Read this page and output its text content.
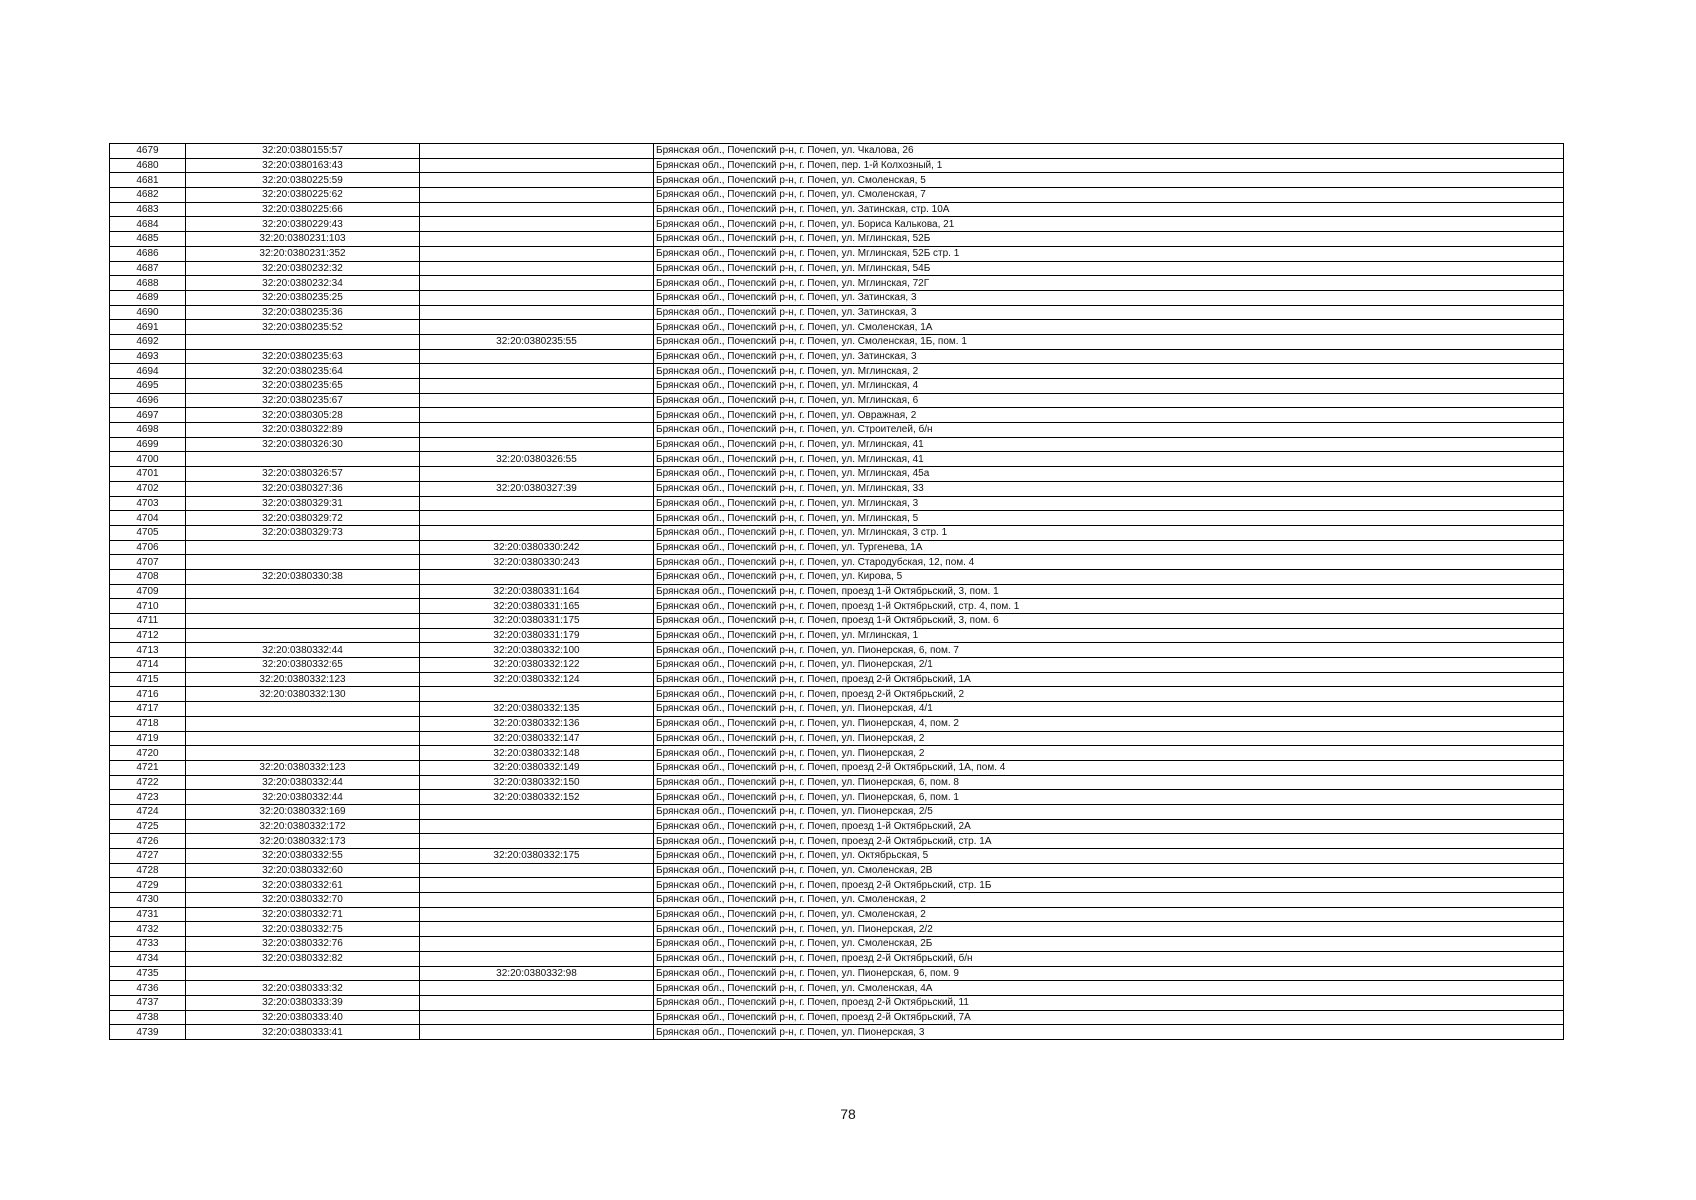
4679	32:20:0380155:57		Брянская обл., Почепский р-н, г. Почеп, ул. Чкалова, 26
4680	32:20:0380163:43		Брянская обл., Почепский р-н, г. Почеп, пер. 1-й Колхозный, 1
4681	32:20:0380225:59		Брянская обл., Почепский р-н, г. Почеп, ул. Смоленская, 5
4682	32:20:0380225:62		Брянская обл., Почепский р-н, г. Почеп, ул. Смоленская, 7
4683	32:20:0380225:66		Брянская обл., Почепский р-н, г. Почеп, ул. Затинская, стр. 10А
4684	32:20:0380229:43		Брянская обл., Почепский р-н, г. Почеп, ул. Бориса Калькова, 21
4685	32:20:0380231:103		Брянская обл., Почепский р-н, г. Почеп, ул. Мглинская, 52Б
4686	32:20:0380231:352		Брянская обл., Почепский р-н, г. Почеп, ул. Мглинская, 52Б стр. 1
4687	32:20:0380232:32		Брянская обл., Почепский р-н, г. Почеп, ул. Мглинская, 54Б
4688	32:20:0380232:34		Брянская обл., Почепский р-н, г. Почеп, ул. Мглинская, 72Г
4689	32:20:0380235:25		Брянская обл., Почепский р-н, г. Почеп, ул. Затинская, 3
4690	32:20:0380235:36		Брянская обл., Почепский р-н, г. Почеп, ул. Затинская, 3
4691	32:20:0380235:52		Брянская обл., Почепский р-н, г. Почеп, ул. Смоленская, 1А
4692		32:20:0380235:55	Брянская обл., Почепский р-н, г. Почеп, ул. Смоленская, 1Б, пом. 1
4693	32:20:0380235:63		Брянская обл., Почепский р-н, г. Почеп, ул. Затинская, 3
4694	32:20:0380235:64		Брянская обл., Почепский р-н, г. Почеп, ул. Мглинская, 2
4695	32:20:0380235:65		Брянская обл., Почепский р-н, г. Почеп, ул. Мглинская, 4
4696	32:20:0380235:67		Брянская обл., Почепский р-н, г. Почеп, ул. Мглинская, 6
4697	32:20:0380305:28		Брянская обл., Почепский р-н, г. Почеп, ул. Овражная, 2
4698	32:20:0380322:89		Брянская обл., Почепский р-н, г. Почеп, ул. Строителей, б/н
4699	32:20:0380326:30		Брянская обл., Почепский р-н, г. Почеп, ул. Мглинская, 41
4700		32:20:0380326:55	Брянская обл., Почепский р-н, г. Почеп, ул. Мглинская, 41
4701	32:20:0380326:57		Брянская обл., Почепский р-н, г. Почеп, ул. Мглинская, 45а
4702	32:20:0380327:36	32:20:0380327:39	Брянская обл., Почепский р-н, г. Почеп, ул. Мглинская, 33
4703	32:20:0380329:31		Брянская обл., Почепский р-н, г. Почеп, ул. Мглинская, 3
4704	32:20:0380329:72		Брянская обл., Почепский р-н, г. Почеп, ул. Мглинская, 5
4705	32:20:0380329:73		Брянская обл., Почепский р-н, г. Почеп, ул. Мглинская, 3 стр. 1
4706		32:20:0380330:242	Брянская обл., Почепский р-н, г. Почеп, ул. Тургенева, 1А
4707		32:20:0380330:243	Брянская обл., Почепский р-н, г. Почеп, ул. Стародубская, 12, пом. 4
4708	32:20:0380330:38		Брянская обл., Почепский р-н, г. Почеп, ул. Кирова, 5
4709		32:20:0380331:164	Брянская обл., Почепский р-н, г. Почеп, проезд 1-й Октябрьский, 3, пом. 1
4710		32:20:0380331:165	Брянская обл., Почепский р-н, г. Почеп, проезд 1-й Октябрьский, стр. 4, пом. 1
4711		32:20:0380331:175	Брянская обл., Почепский р-н, г. Почеп, проезд 1-й Октябрьский, 3, пом. 6
4712		32:20:0380331:179	Брянская обл., Почепский р-н, г. Почеп, ул. Мглинская, 1
4713	32:20:0380332:44	32:20:0380332:100	Брянская обл., Почепский р-н, г. Почеп, ул. Пионерская, 6, пом. 7
4714	32:20:0380332:65	32:20:0380332:122	Брянская обл., Почепский р-н, г. Почеп, ул. Пионерская, 2/1
4715	32:20:0380332:123	32:20:0380332:124	Брянская обл., Почепский р-н, г. Почеп, проезд 2-й Октябрьский, 1А
4716	32:20:0380332:130		Брянская обл., Почепский р-н, г. Почеп, проезд 2-й Октябрьский, 2
4717		32:20:0380332:135	Брянская обл., Почепский р-н, г. Почеп, ул. Пионерская, 4/1
4718		32:20:0380332:136	Брянская обл., Почепский р-н, г. Почеп, ул. Пионерская, 4, пом. 2
4719		32:20:0380332:147	Брянская обл., Почепский р-н, г. Почеп, ул. Пионерская, 2
4720		32:20:0380332:148	Брянская обл., Почепский р-н, г. Почеп, ул. Пионерская, 2
4721	32:20:0380332:123	32:20:0380332:149	Брянская обл., Почепский р-н, г. Почеп, проезд 2-й Октябрьский, 1А, пом. 4
4722	32:20:0380332:44	32:20:0380332:150	Брянская обл., Почепский р-н, г. Почеп, ул. Пионерская, 6, пом. 8
4723	32:20:0380332:44	32:20:0380332:152	Брянская обл., Почепский р-н, г. Почеп, ул. Пионерская, 6, пом. 1
4724	32:20:0380332:169		Брянская обл., Почепский р-н, г. Почеп, ул. Пионерская, 2/5
4725	32:20:0380332:172		Брянская обл., Почепский р-н, г. Почеп, проезд 1-й Октябрьский, 2А
4726	32:20:0380332:173		Брянская обл., Почепский р-н, г. Почеп, проезд 2-й Октябрьский, стр. 1А
4727	32:20:0380332:55	32:20:0380332:175	Брянская обл., Почепский р-н, г. Почеп, ул. Октябрьская, 5
4728	32:20:0380332:60		Брянская обл., Почепский р-н, г. Почеп, ул. Смоленская, 2В
4729	32:20:0380332:61		Брянская обл., Почепский р-н, г. Почеп, проезд 2-й Октябрьский, стр. 1Б
4730	32:20:0380332:70		Брянская обл., Почепский р-н, г. Почеп, ул. Смоленская, 2
4731	32:20:0380332:71		Брянская обл., Почепский р-н, г. Почеп, ул. Смоленская, 2
4732	32:20:0380332:75		Брянская обл., Почепский р-н, г. Почеп, ул. Пионерская, 2/2
4733	32:20:0380332:76		Брянская обл., Почепский р-н, г. Почеп, ул. Смоленская, 2Б
4734	32:20:0380332:82		Брянская обл., Почепский р-н, г. Почеп, проезд 2-й Октябрьский, б/н
4735		32:20:0380332:98	Брянская обл., Почепский р-н, г. Почеп, ул. Пионерская, 6, пом. 9
4736	32:20:0380333:32		Брянская обл., Почепский р-н, г. Почеп, ул. Смоленская, 4А
4737	32:20:0380333:39		Брянская обл., Почепский р-н, г. Почеп, проезд 2-й Октябрьский, 11
4738	32:20:0380333:40		Брянская обл., Почепский р-н, г. Почеп, проезд 2-й Октябрьский, 7А
4739	32:20:0380333:41		Брянская обл., Почепский р-н, г. Почеп, ул. Пионерская, 3
78
